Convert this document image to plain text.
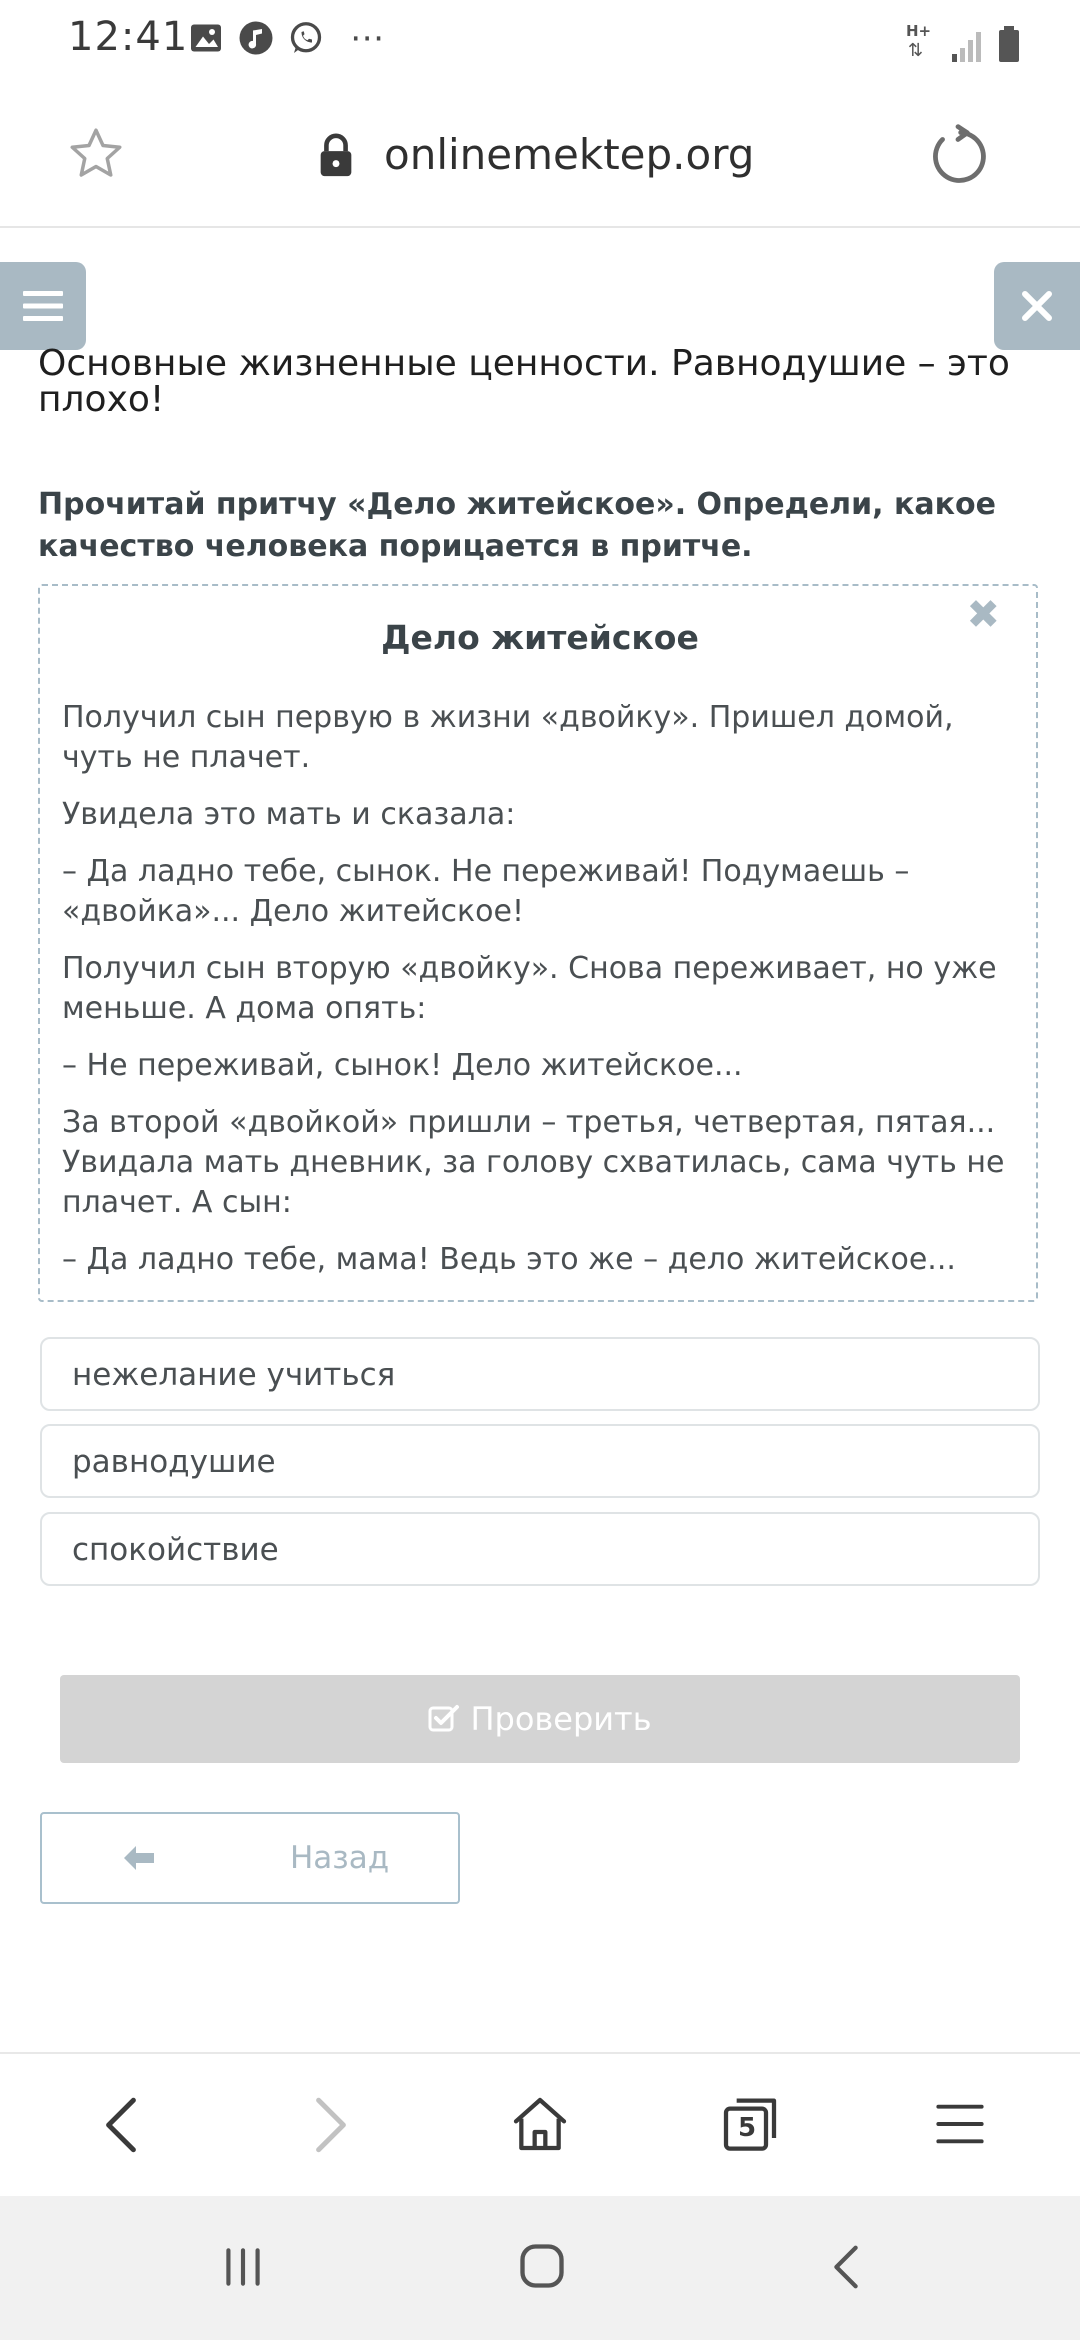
12:41	⋯	H+
⇅
onlinemektep.org
Основные жизненные ценности. Равнодушие – это плохо!
Прочитай притчу «Дело житейское». Определи, какое качество человека порицается в притче.
✖
Дело житейское

Получил сын первую в жизни «двойку». Пришел домой, чуть не плачет.

Увидела это мать и сказала:

– Да ладно тебе, сынок. Не переживай! Подумаешь – «двойка»... Дело житейское!

Получил сын вторую «двойку». Снова переживает, но уже меньше. А дома опять:

– Не переживай, сынок! Дело житейское...

За второй «двойкой» пришли – третья, четвертая, пятая... Увидала мать дневник, за голову схватилась, сама чуть не плачет. А сын:

– Да ладно тебе, мама! Ведь это же – дело житейское...

нежелание учиться
равнодушие
спокойствие
Проверить
Назад
5
